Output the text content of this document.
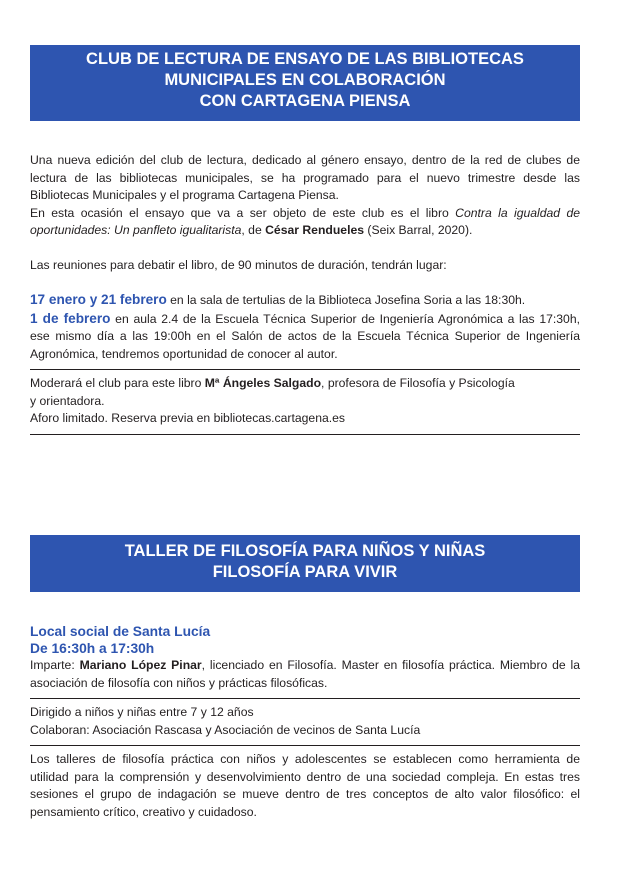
CLUB DE LECTURA DE ENSAYO DE LAS BIBLIOTECAS
MUNICIPALES EN COLABORACIÓN
CON CARTAGENA PIENSA

Una nueva edición del club de lectura, dedicado al género ensayo, dentro de la red de clubes de lectura de las bibliotecas municipales, se ha programado para el nuevo trimestre desde las Bibliotecas Municipales y el programa Cartagena Piensa.

En esta ocasión el ensayo que va a ser objeto de este club es el libro Contra la igualdad de oportunidades: Un panfleto igualitarista, de César Rendueles (Seix Barral, 2020).

Las reuniones para debatir el libro, de 90 minutos de duración, tendrán lugar:

17 enero y 21 febrero en la sala de tertulias de la Biblioteca Josefina Soria a las 18:30h.

1 de febrero en aula 2.4 de la Escuela Técnica Superior de Ingeniería Agronómica a las 17:30h, ese mismo día a las 19:00h en el Salón de actos de la Escuela Técnica Superior de Ingeniería Agronómica, tendremos oportunidad de conocer al autor.

Moderará el club para este libro Mª Ángeles Salgado, profesora de Filosofía y Psicología

y orientadora.

Aforo limitado. Reserva previa en bibliotecas.cartagena.es

TALLER DE FILOSOFÍA PARA NIÑOS Y NIÑAS
FILOSOFÍA PARA VIVIR

Local social de Santa Lucía

De 16:30h a 17:30h

Imparte: Mariano López Pinar, licenciado en Filosofía. Master en filosofía práctica. Miembro de la asociación de filosofía con niños y prácticas filosóficas.

Dirigido a niños y niñas entre 7 y 12 años

Colaboran: Asociación Rascasa y Asociación de vecinos de Santa Lucía

Los talleres de filosofía práctica con niños y adolescentes se establecen como herramienta de utilidad para la comprensión y desenvolvimiento dentro de una sociedad compleja. En estas tres sesiones el grupo de indagación se mueve dentro de tres conceptos de alto valor filosófico: el pensamiento crítico, creativo y cuidadoso.
